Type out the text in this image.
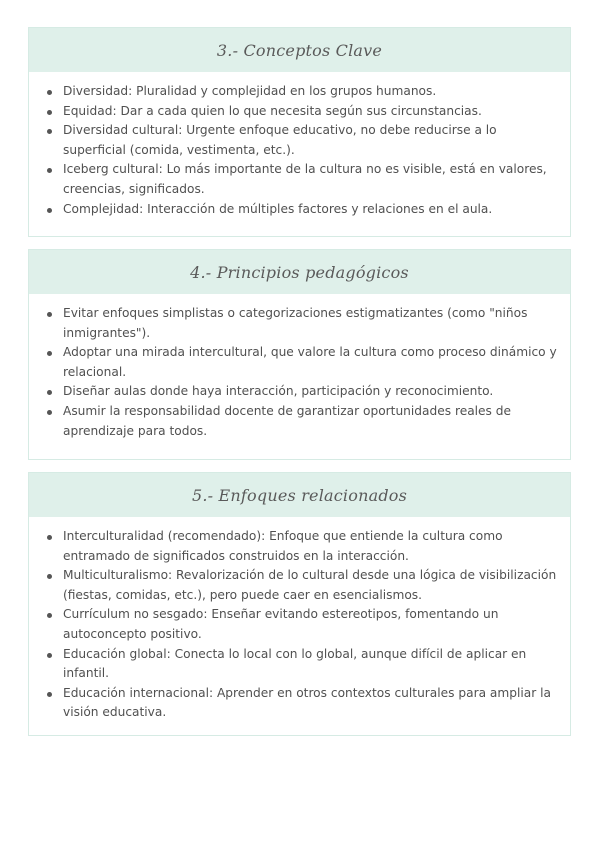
3.- Conceptos Clave
Diversidad: Pluralidad y complejidad en los grupos humanos.
Equidad: Dar a cada quien lo que necesita según sus circunstancias.
Diversidad cultural: Urgente enfoque educativo, no debe reducirse a lo superficial (comida, vestimenta, etc.).
Iceberg cultural: Lo más importante de la cultura no es visible, está en valores, creencias, significados.
Complejidad: Interacción de múltiples factores y relaciones en el aula.
4.- Principios pedagógicos
Evitar enfoques simplistas o categorizaciones estigmatizantes (como "niños inmigrantes").
Adoptar una mirada intercultural, que valore la cultura como proceso dinámico y relacional.
Diseñar aulas donde haya interacción, participación y reconocimiento.
Asumir la responsabilidad docente de garantizar oportunidades reales de aprendizaje para todos.
5.- Enfoques relacionados
Interculturalidad (recomendado): Enfoque que entiende la cultura como entramado de significados construidos en la interacción.
Multiculturalismo: Revalorización de lo cultural desde una lógica de visibilización (fiestas, comidas, etc.), pero puede caer en esencialismos.
Currículum no sesgado: Enseñar evitando estereotipos, fomentando un autoconcepto positivo.
Educación global: Conecta lo local con lo global, aunque difícil de aplicar en infantil.
Educación internacional: Aprender en otros contextos culturales para ampliar la visión educativa.
